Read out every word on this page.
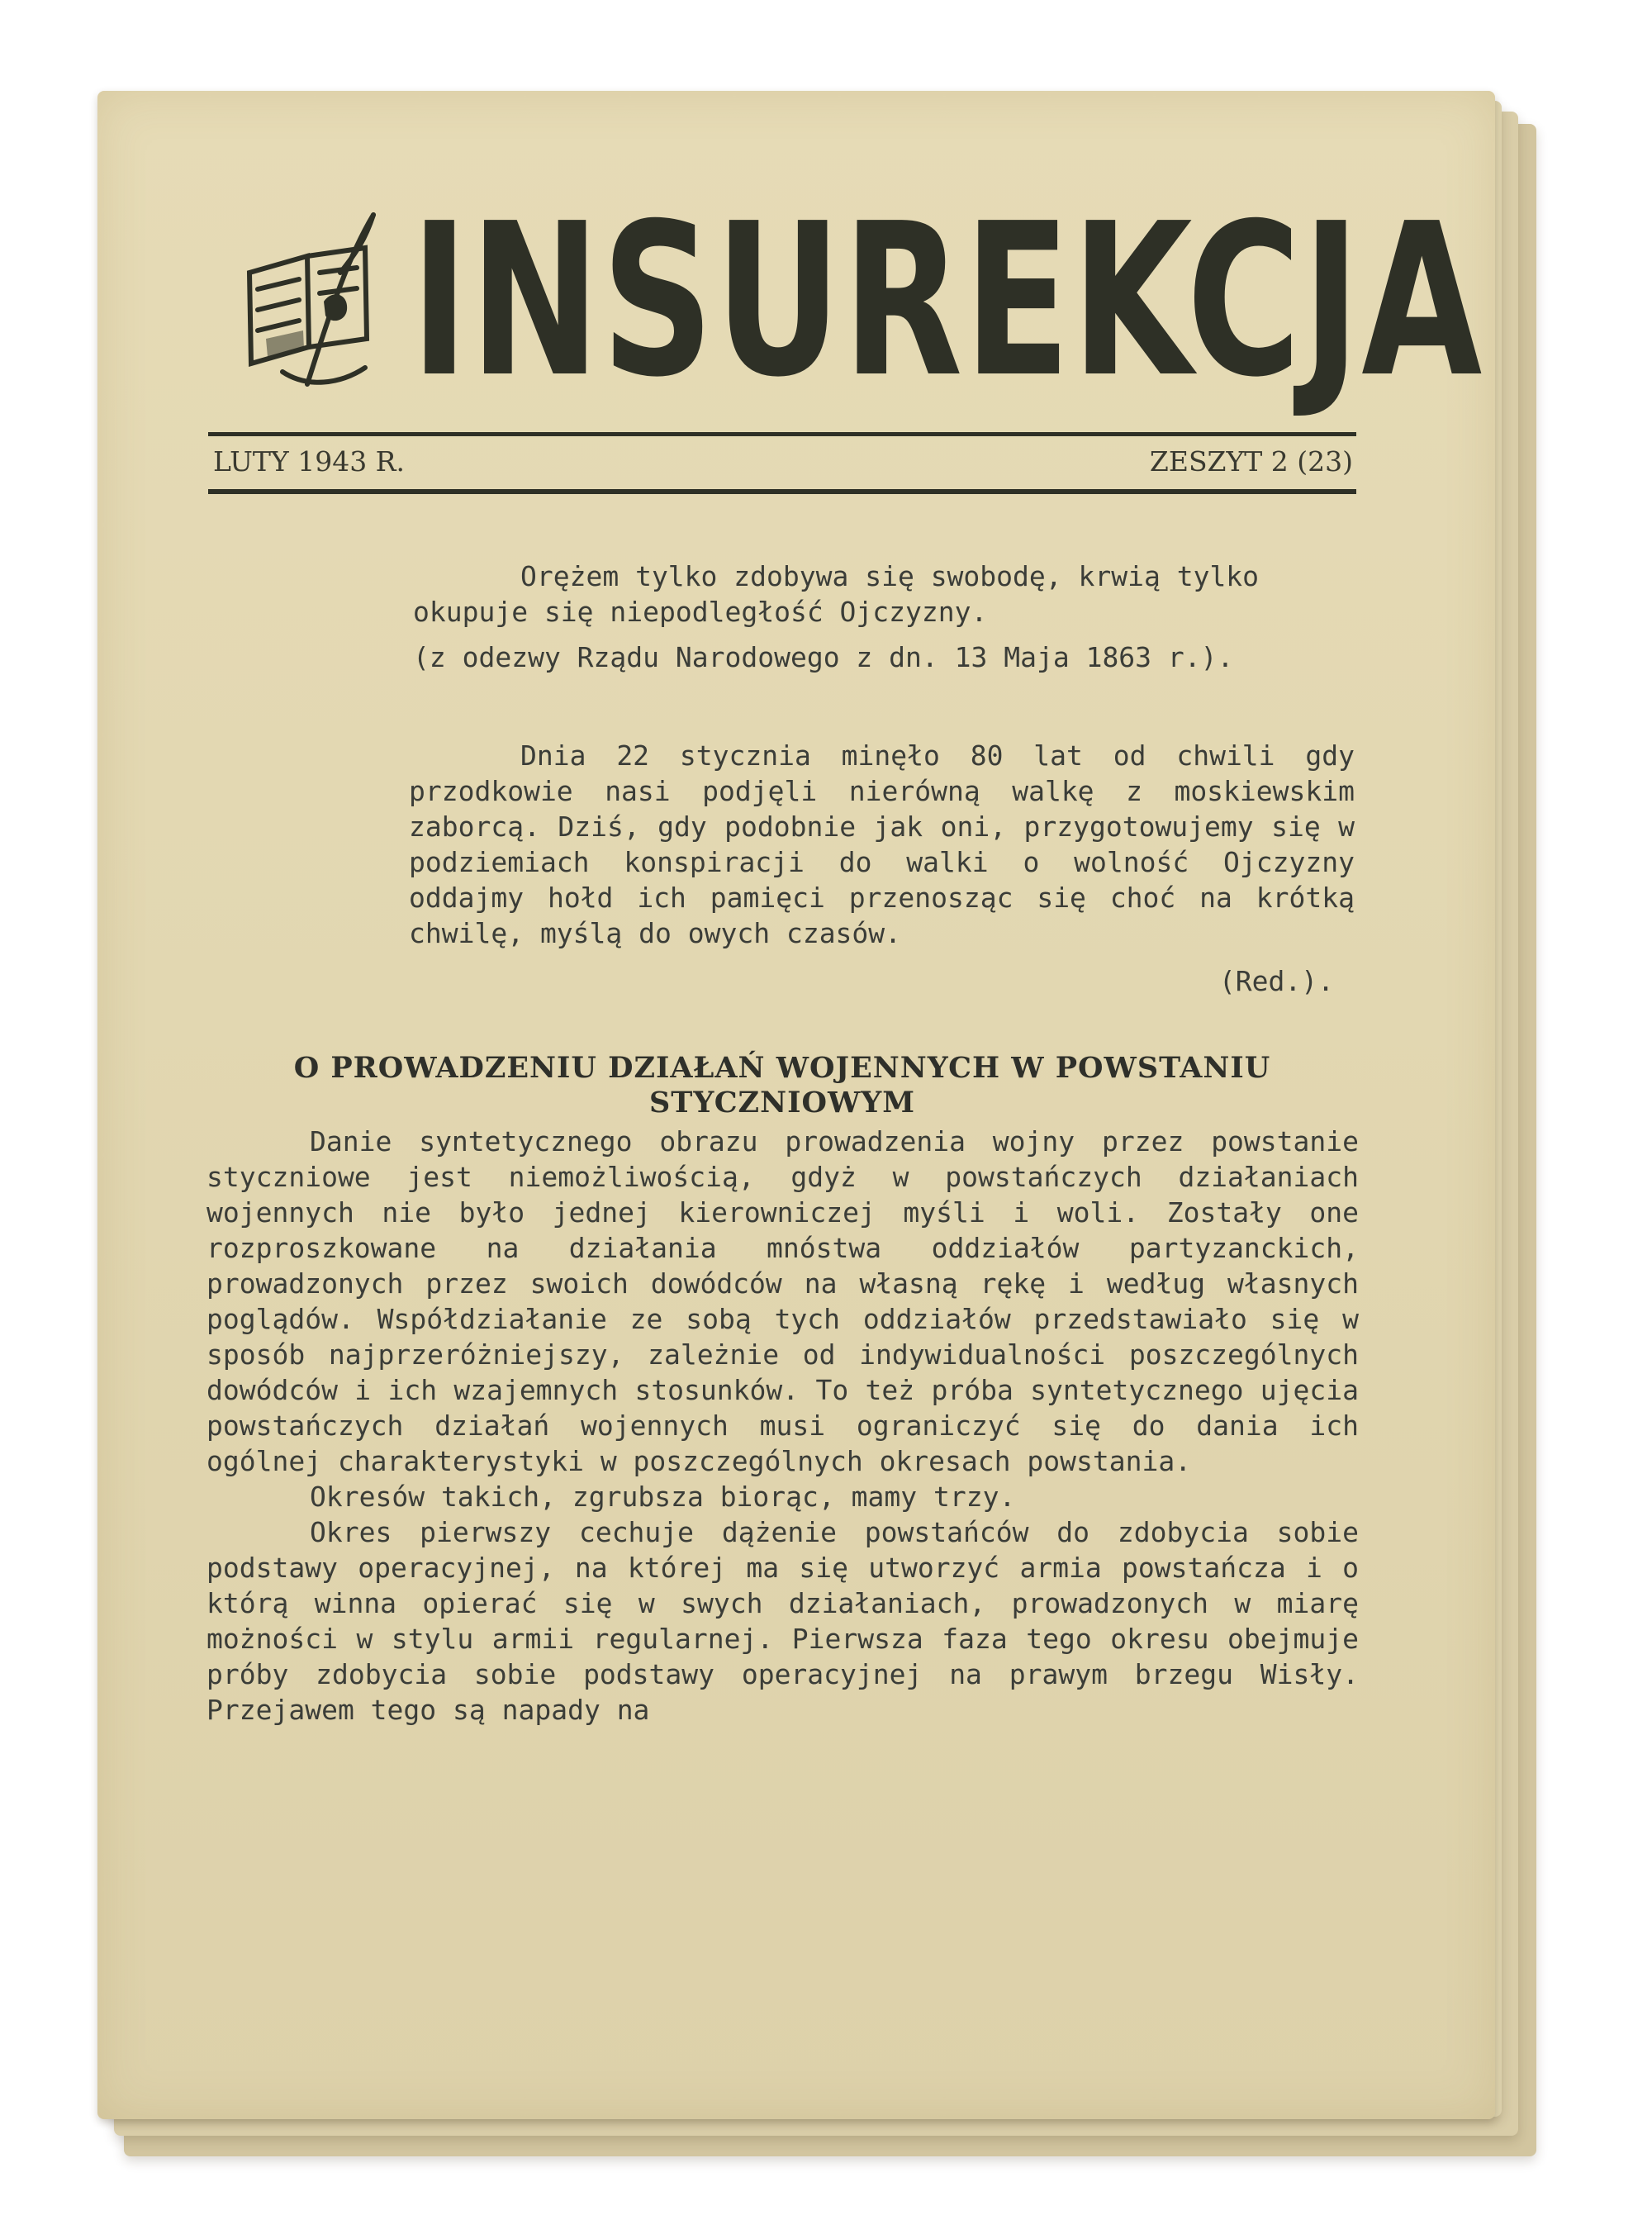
INSUREKCJA
LUTY 1943 R.	ZESZYT 2 (23)

Orężem tylko zdobywa się swobodę, krwią tylko okupuje się niepodległość Ojczyzny.

(z odezwy Rządu Narodowego z dn. 13 Maja 1863 r.).

Dnia 22 stycznia minęło 80 lat od chwili gdy przodkowie nasi podjęli nierówną walkę z moskiewskim zaborcą. Dziś, gdy podobnie jak oni, przygotowujemy się w podziemiach konspiracji do walki o wolność Ojczyzny oddajmy hołd ich pamięci przenosząc się choć na krótką chwilę, myślą do owych czasów.

(Red.).
O PROWADZENIU DZIAŁAŃ WOJENNYCH W POWSTANIU STYCZNIOWYM

Danie syntetycznego obrazu prowadzenia wojny przez powstanie styczniowe jest niemożliwością, gdyż w powstańczych działaniach wojennych nie było jednej kierowniczej myśli i woli. Zostały one rozproszkowane na działania mnóstwa oddziałów partyzanckich, prowadzonych przez swoich dowódców na własną rękę i według własnych poglądów. Współdziałanie ze sobą tych oddziałów przedstawiało się w sposób najprzeróżniejszy, zależnie od indywidualności poszczególnych dowódców i ich wzajemnych stosunków. To też próba syntetycznego ujęcia powstańczych działań wojennych musi ograniczyć się do dania ich ogólnej charakterystyki w poszczególnych okresach powstania.

Okresów takich, zgrubsza biorąc, mamy trzy.

Okres pierwszy cechuje dążenie powstańców do zdobycia sobie podstawy operacyjnej, na której ma się utworzyć armia powstańcza i o którą winna opierać się w swych działaniach, prowadzonych w miarę możności w stylu armii regularnej. Pierwsza faza tego okresu obejmuje próby zdobycia sobie podstawy operacyjnej na prawym brzegu Wisły. Przejawem tego są napady na
